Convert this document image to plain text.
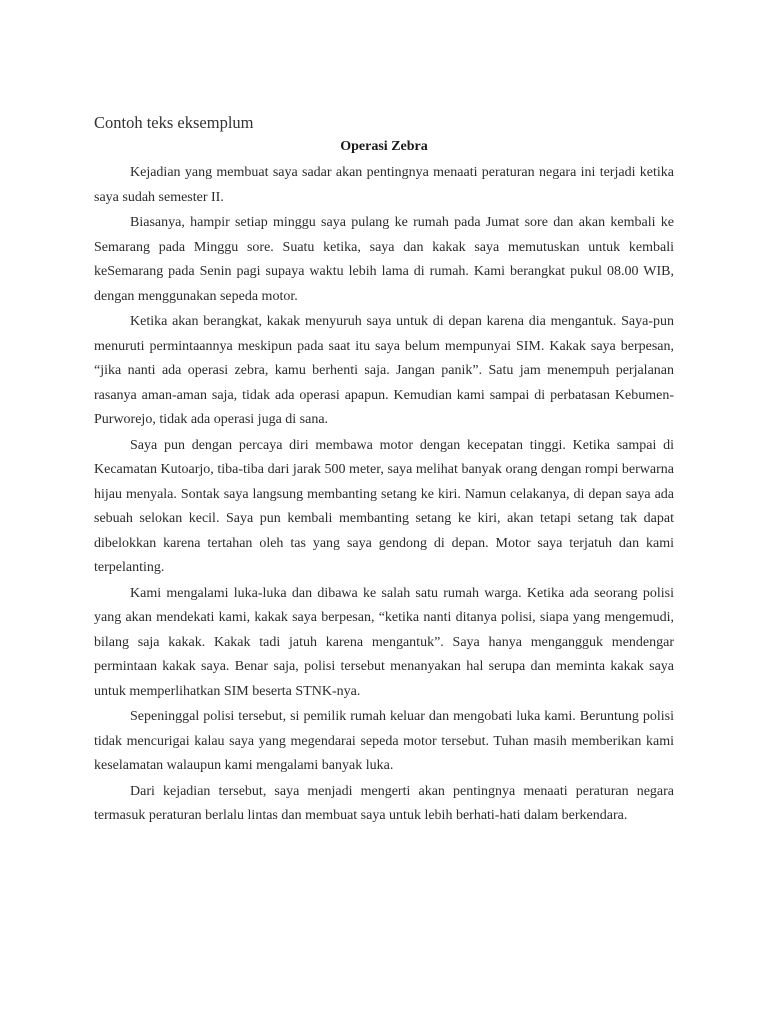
Contoh teks eksemplum
Operasi Zebra

Kejadian yang membuat saya sadar akan pentingnya menaati peraturan negara ini terjadi ketika saya sudah semester II.

Biasanya, hampir setiap minggu saya pulang ke rumah pada Jumat sore dan akan kembali ke Semarang pada Minggu sore. Suatu ketika, saya dan kakak saya memutuskan untuk kembali keSemarang pada Senin pagi supaya waktu lebih lama di rumah. Kami berangkat pukul 08.00 WIB, dengan menggunakan sepeda motor.

Ketika akan berangkat, kakak menyuruh saya untuk di depan karena dia mengantuk. Saya-pun menuruti permintaannya meskipun pada saat itu saya belum mempunyai SIM. Kakak saya berpesan, “jika nanti ada operasi zebra, kamu berhenti saja. Jangan panik”. Satu jam menempuh perjalanan rasanya aman-aman saja, tidak ada operasi apapun. Kemudian kami sampai di perbatasan Kebumen-Purworejo, tidak ada operasi juga di sana.

Saya pun dengan percaya diri membawa motor dengan kecepatan tinggi. Ketika sampai di Kecamatan Kutoarjo, tiba-tiba dari jarak 500 meter, saya melihat banyak orang dengan rompi berwarna hijau menyala. Sontak saya langsung membanting setang ke kiri. Namun celakanya, di depan saya ada sebuah selokan kecil. Saya pun kembali membanting setang ke kiri, akan tetapi setang tak dapat dibelokkan karena tertahan oleh tas yang saya gendong di depan. Motor saya terjatuh dan kami terpelanting.

Kami mengalami luka-luka dan dibawa ke salah satu rumah warga. Ketika ada seorang polisi yang akan mendekati kami, kakak saya berpesan, “ketika nanti ditanya polisi, siapa yang mengemudi, bilang saja kakak. Kakak tadi jatuh karena mengantuk”. Saya hanya mengangguk mendengar permintaan kakak saya. Benar saja, polisi tersebut menanyakan hal serupa dan meminta kakak saya untuk memperlihatkan SIM beserta STNK-nya.

Sepeninggal polisi tersebut, si pemilik rumah keluar dan mengobati luka kami. Beruntung polisi tidak mencurigai kalau saya yang megendarai sepeda motor tersebut. Tuhan masih memberikan kami keselamatan walaupun kami mengalami banyak luka.

Dari kejadian tersebut, saya menjadi mengerti akan pentingnya menaati peraturan negara termasuk peraturan berlalu lintas dan membuat saya untuk lebih berhati-hati dalam berkendara.
